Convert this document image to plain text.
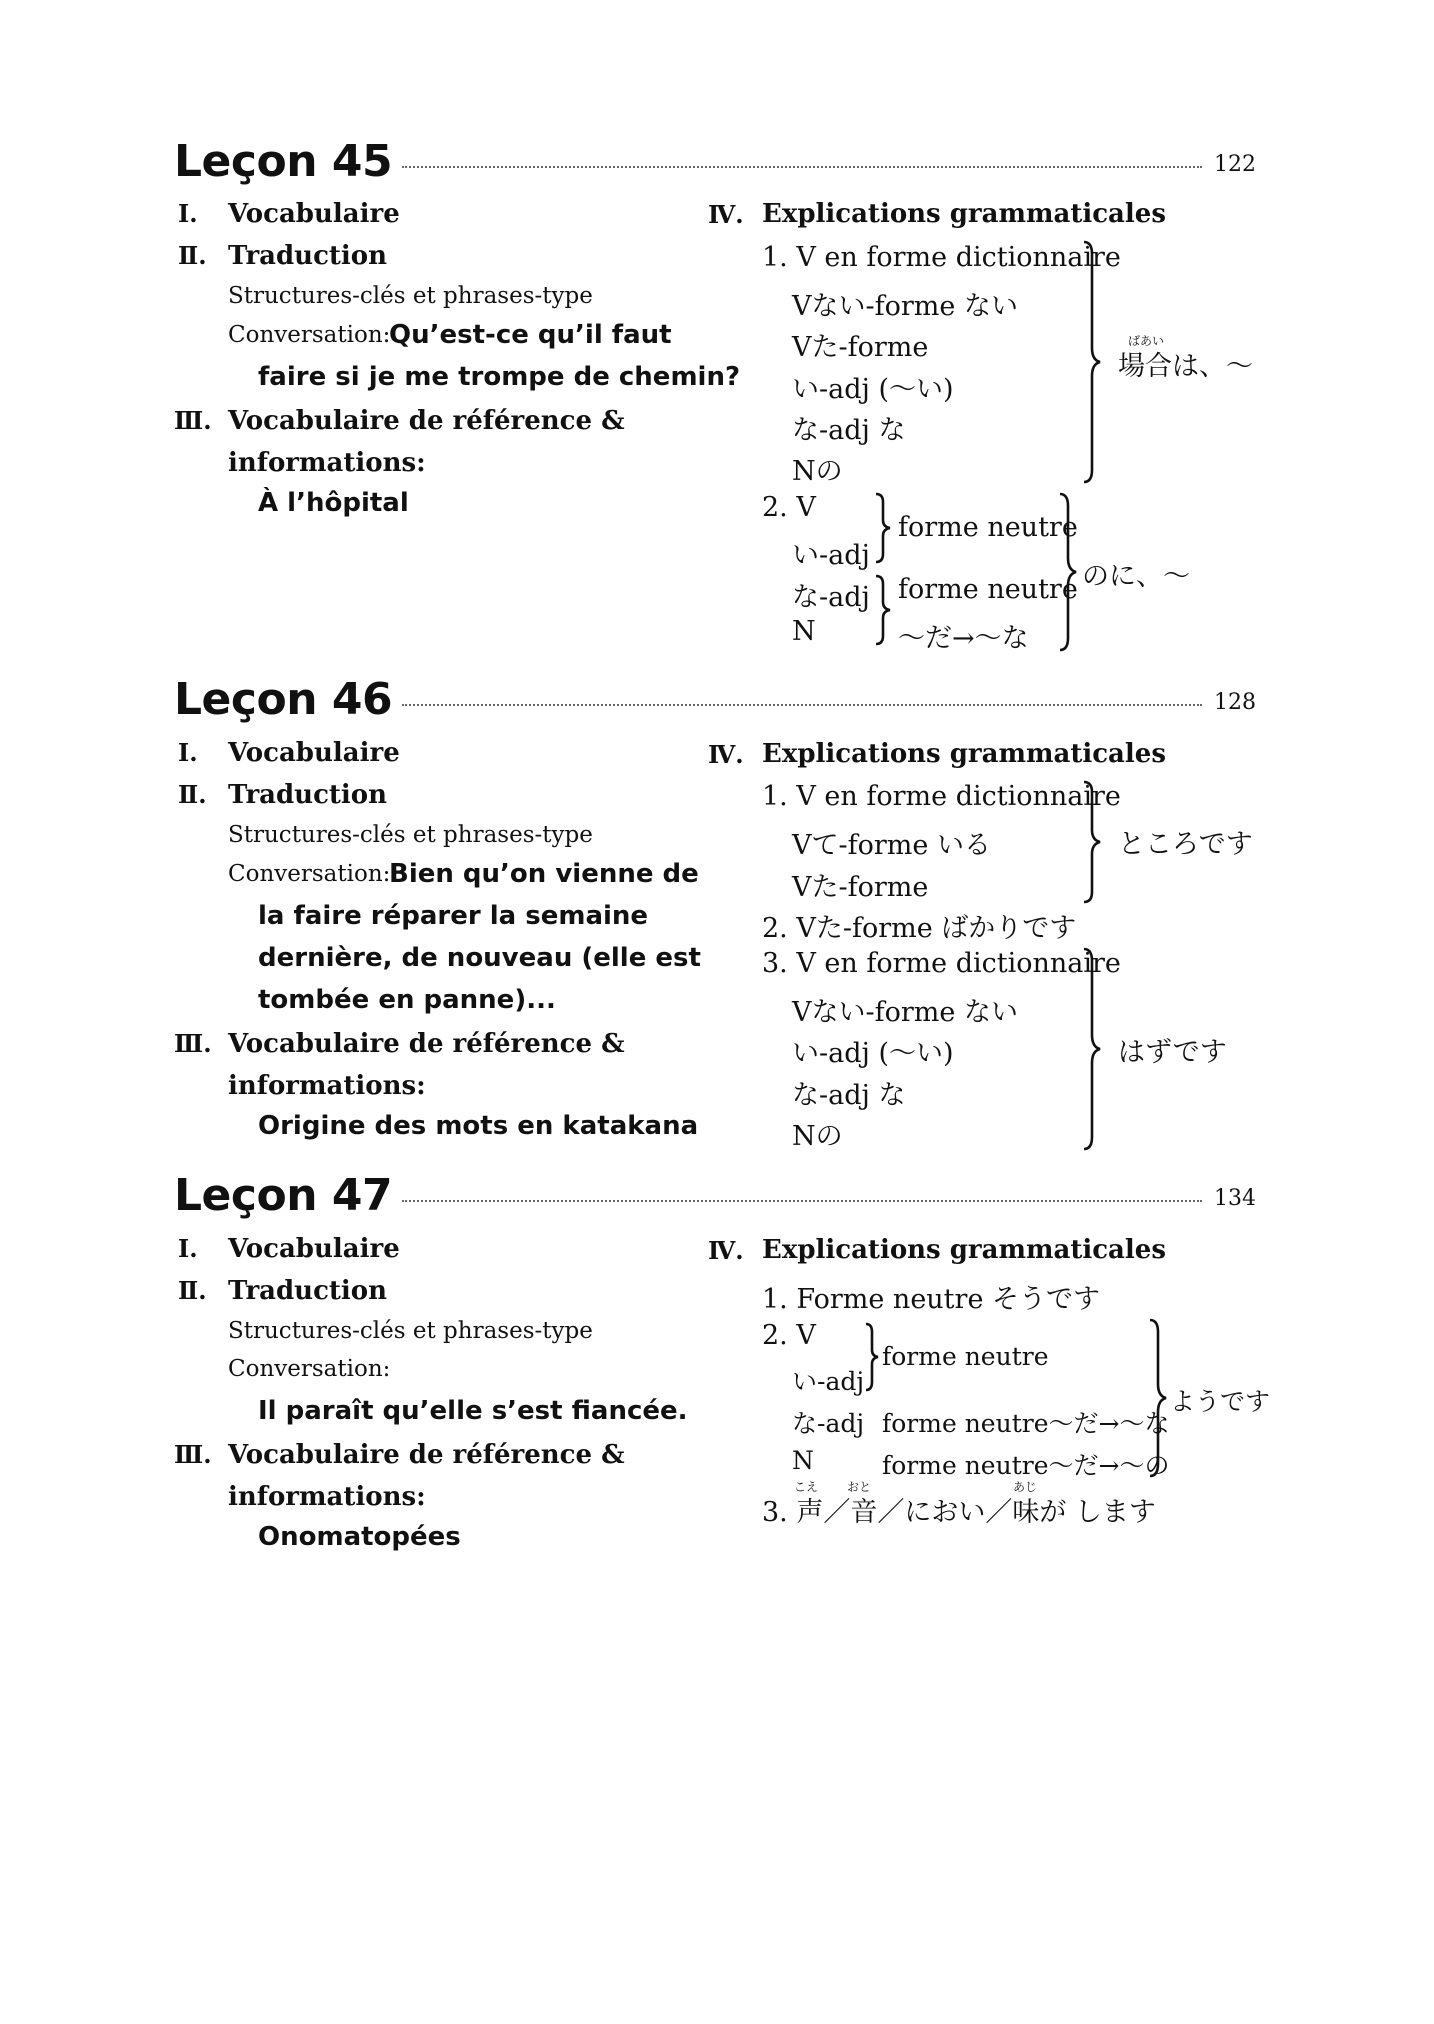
Leçon 45	122
Ⅰ. Vocabulaire
Ⅱ. Traduction
Structures-clés et phrases-type
Conversation:
Qu’est-ce qu’il faut
faire si je me trompe de chemin?
Ⅲ. Vocabulaire de référence &
informations:
À l’hôpital
Ⅳ. Explications grammaticales
1. V en forme dictionnaire
Vない-forme ない
Vた-forme
い-adj (～い)
な-adj な
Nの
ばあい
場合は、～
2. V
い-adj
な-adj
N
forme neutre
forme neutre
～だ→～な
のに、～
Leçon 46	128
Ⅰ. Vocabulaire
Ⅱ. Traduction
Structures-clés et phrases-type
Conversation:
Bien qu’on vienne de
la faire réparer la semaine
dernière, de nouveau (elle est
tombée en panne)...
Ⅲ. Vocabulaire de référence &
informations:
Origine des mots en katakana
Ⅳ. Explications grammaticales
1. V en forme dictionnaire
Vて-forme いる
Vた-forme
ところです
2. Vた-forme ばかりです
3. V en forme dictionnaire
Vない-forme ない
い-adj (～い)
な-adj な
Nの
はずです
Leçon 47	134
Ⅰ. Vocabulaire
Ⅱ. Traduction
Structures-clés et phrases-type
Conversation:
Il paraît qu’elle s’est fiancée.
Ⅲ. Vocabulaire de référence &
informations:
Onomatopées
Ⅳ. Explications grammaticales
1. Forme neutre そうです
2. V
い-adj
forme neutre
な-adj forme neutre～だ→～な
N	forme neutre～だ→～の
ようです
こえ おと	あじ
3. 声／音／におい／味が します
